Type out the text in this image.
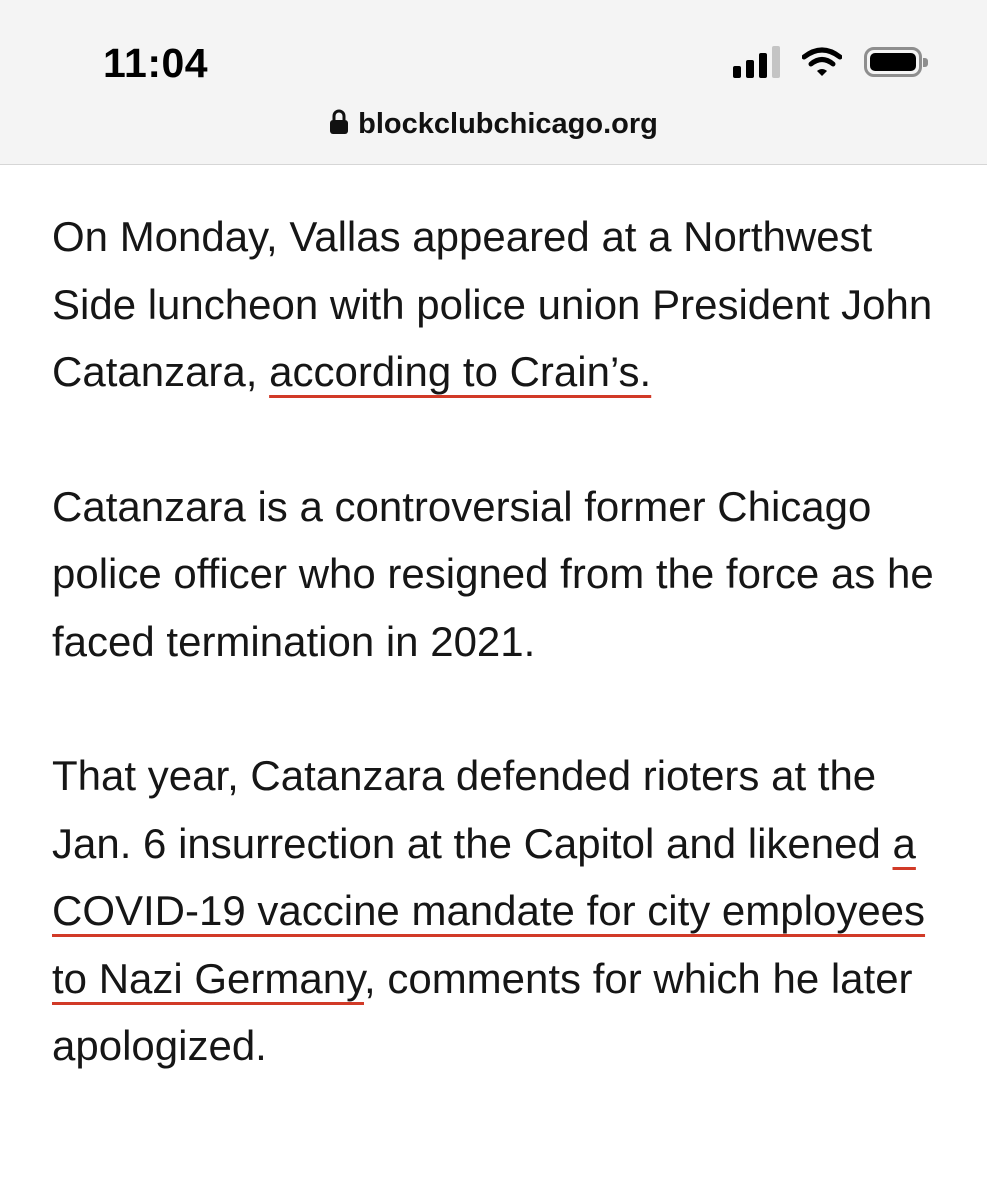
11:04
blockclubchicago.org

On Monday, Vallas appeared at a Northwest Side luncheon with police union President John Catanzara, according to Crain’s.

Catanzara is a controversial former Chicago police officer who resigned from the force as he faced termination in 2021.

That year, Catanzara defended rioters at the Jan. 6 insurrection at the Capitol and likened a COVID-19 vaccine mandate for city employees to Nazi Germany, comments for which he later apologized.
